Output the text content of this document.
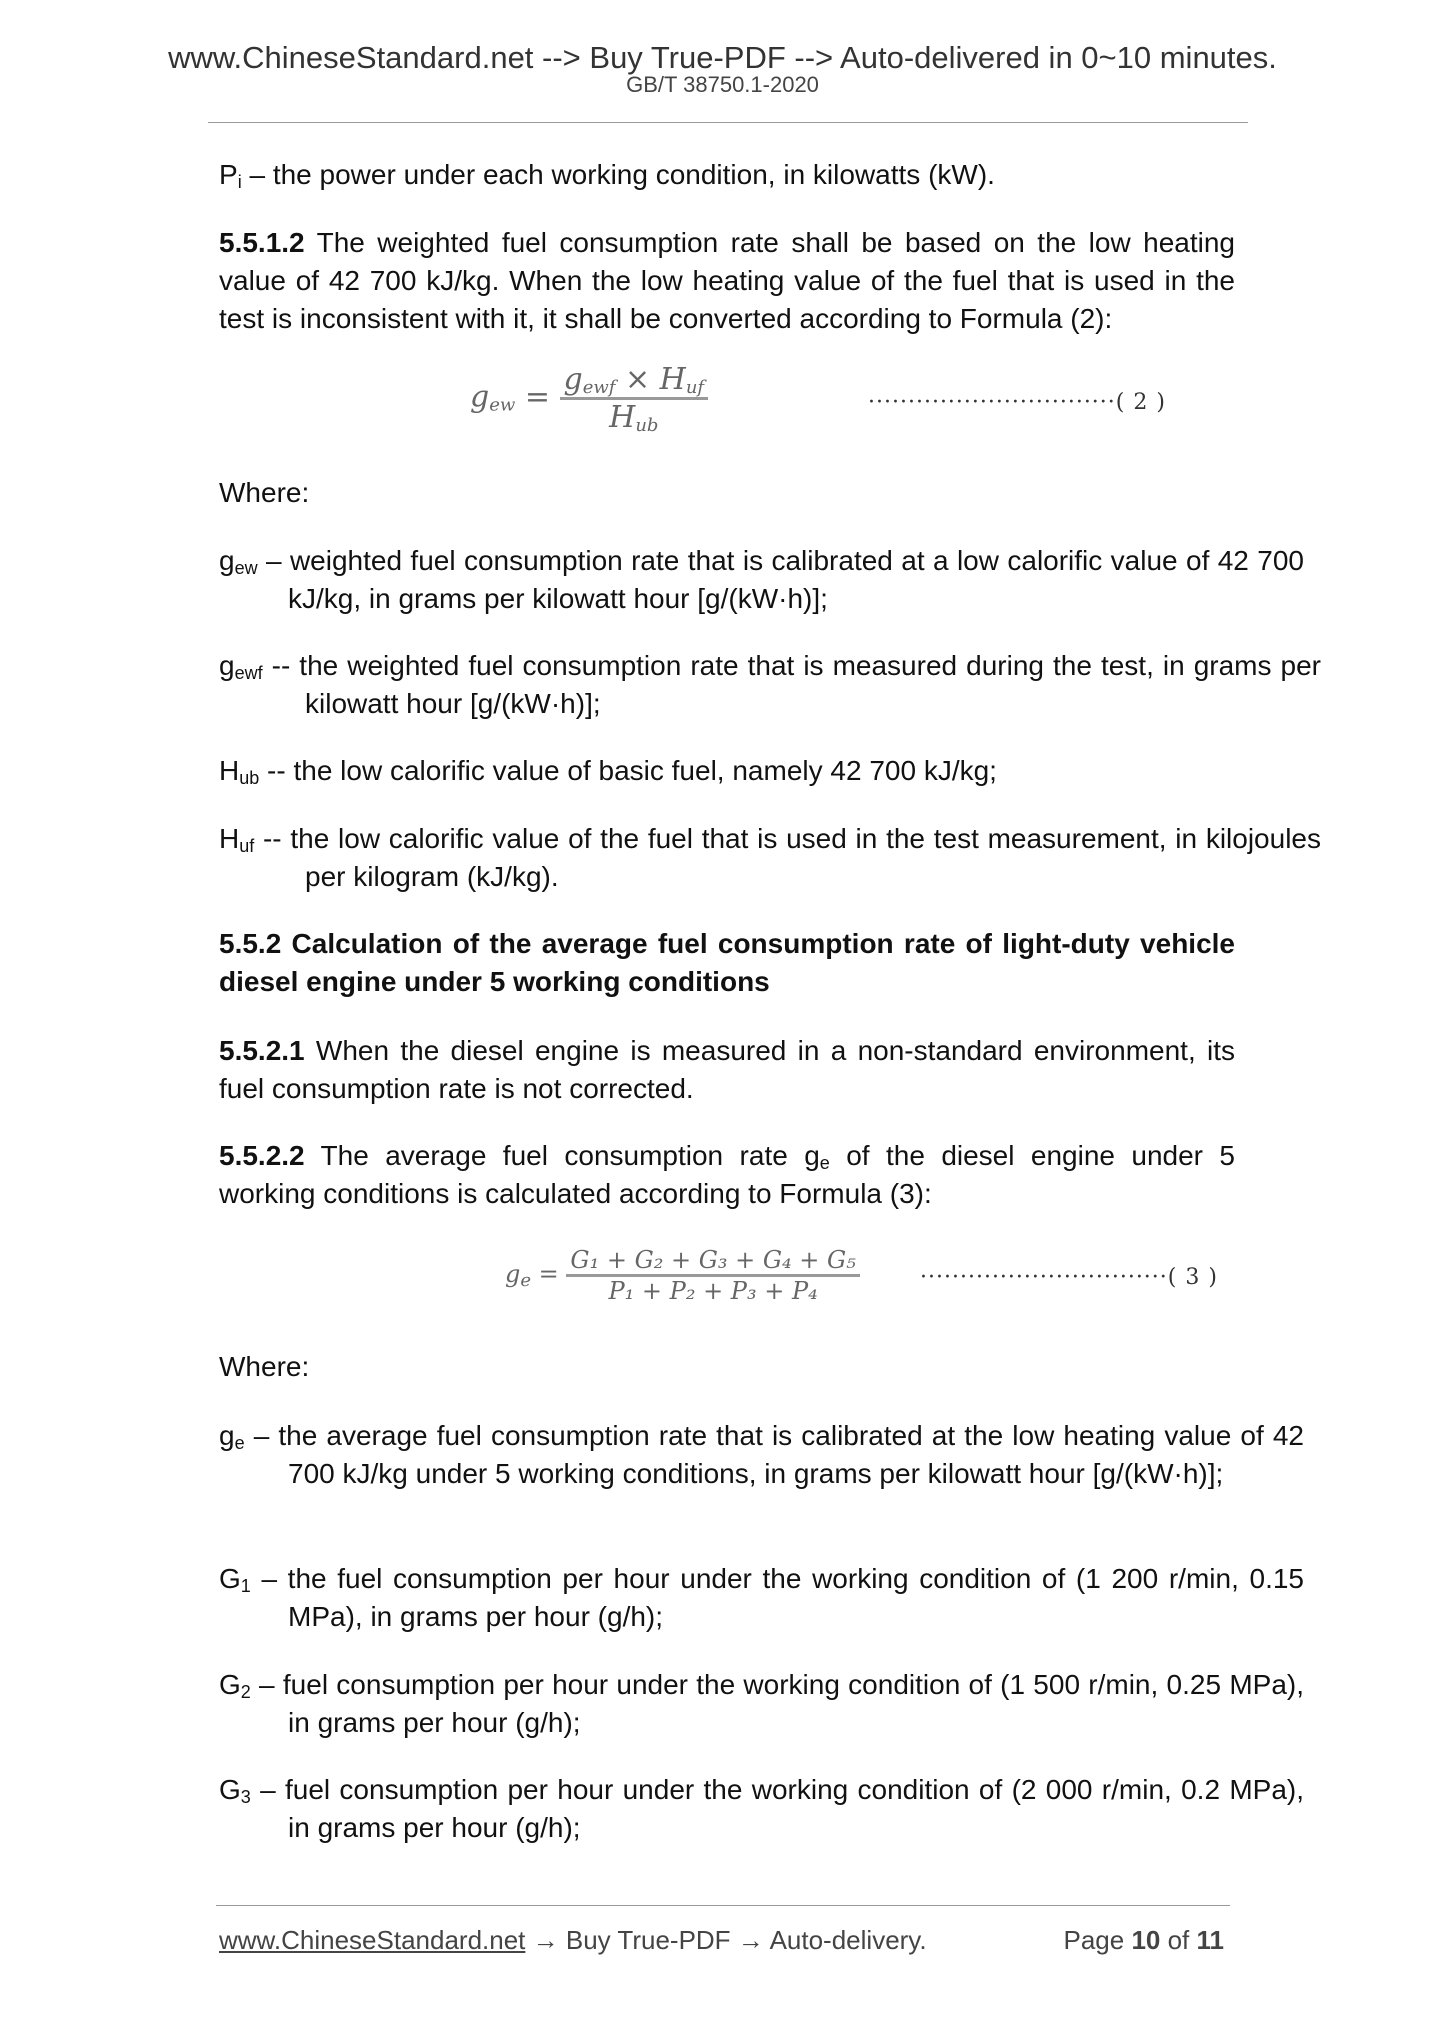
www.ChineseStandard.net --> Buy True-PDF --> Auto-delivered in 0~10 minutes.
GB/T 38750.1-2020
$P_i$ – the power under each working condition, in kilowatts (kW).
5.5.1.2 The weighted fuel consumption rate shall be based on the low heating value of 42 700 kJ/kg. When the low heating value of the fuel that is used in the test is inconsistent with it, it shall be converted according to Formula (2):
$g_{ew} = \frac{g_{ewf} \times H_{uf}}{H_{ub}}$	·······························( 2 )
Where:
$g_{ew}$ – weighted fuel consumption rate that is calibrated at a low calorific value of 42 700 kJ/kg, in grams per kilowatt hour [g/(kW·h)];
$g_{ewf}$ -- the weighted fuel consumption rate that is measured during the test, in grams per kilowatt hour [g/(kW·h)];
$H_{ub}$ -- the low calorific value of basic fuel, namely 42 700 kJ/kg;
$H_{uf}$ -- the low calorific value of the fuel that is used in the test measurement, in kilojoules per kilogram (kJ/kg).
5.5.2 Calculation of the average fuel consumption rate of light-duty vehicle diesel engine under 5 working conditions
5.5.2.1 When the diesel engine is measured in a non-standard environment, its fuel consumption rate is not corrected.
5.5.2.2 The average fuel consumption rate $g_e$ of the diesel engine under 5 working conditions is calculated according to Formula (3):
$g_e = \frac{\text{G₁ + G₂ + G₃ + G₄ + G₅}}{\text{P₁ + P₂ + P₃ + P₄}}$	·······························( 3 )
Where:
$g_e$ – the average fuel consumption rate that is calibrated at the low heating value of 42 700 kJ/kg under 5 working conditions, in grams per kilowatt hour [g/(kW·h)];
$G_1$ – the fuel consumption per hour under the working condition of (1 200 r/min, 0.15 MPa), in grams per hour (g/h);
$G_2$ – fuel consumption per hour under the working condition of (1 500 r/min, 0.25 MPa), in grams per hour (g/h);
$G_3$ – fuel consumption per hour under the working condition of (2 000 r/min, 0.2 MPa), in grams per hour (g/h);
www.ChineseStandard.net → Buy True-PDF → Auto-delivery.	Page 10 of 11
